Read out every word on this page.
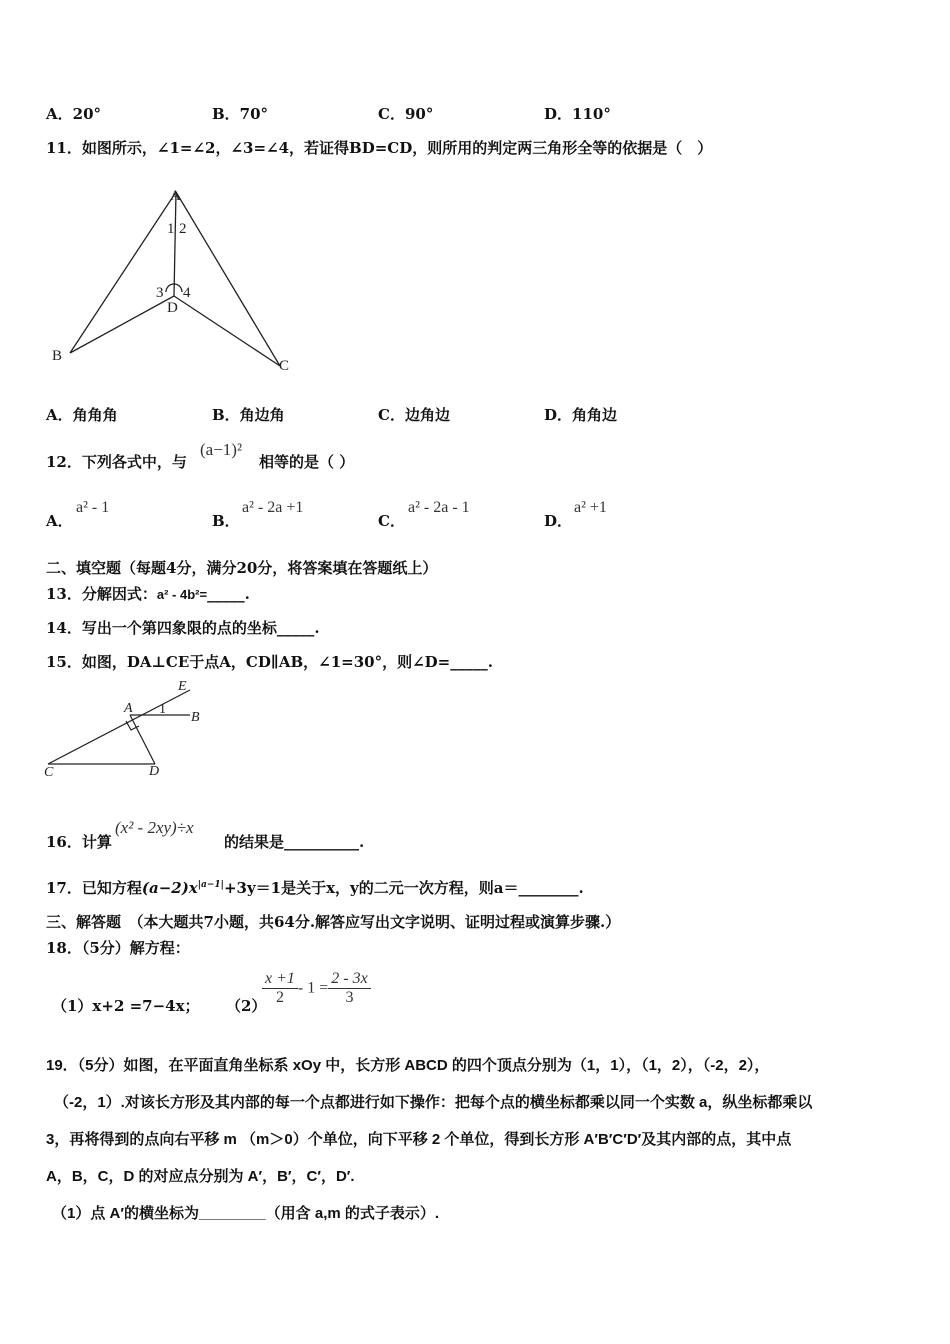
A．20°	B．70°	C．90°	D．110°
11．如图所示，∠1=∠2，∠3=∠4，若证得BD=CD，则所用的判定两三角形全等的依据是（　）
A
1 2
3 4
D
B
C
A．角角角	B．角边角	C．边角边	D．角角边
12．下列各式中，与
(a−1)²
相等的是（ ）
A．
a² - 1
B．
a² - 2a +1
C．
a² - 2a - 1
D．
a² +1
二、填空题（每题4分，满分20分，将答案填在答题纸上）
13．分解因式：a² - 4b²=_____.
14．写出一个第四象限的点的坐标_____.
15．如图，DA⊥CE于点A，CD∥AB，∠1=30°，则∠D=_____.
E
A 1
B
C	D
16．计算
(x² - 2xy)÷x
的结果是__________.
17．已知方程$(a-2)x^{|a-1|}+3y=1$是关于x，y的二元一次方程，则a＝________.
三、解答题　（本大题共7小题，共64分.解答应写出文字说明、证明过程或演算步骤.）
18．（5分）解方程：
（1）x+2 =7−4x； （2）
$\frac{x +1}{2} - 1 = \frac{2 - 3x}{3}$
19．（5分）如图，在平面直角坐标系 xOy 中，长方形 ABCD 的四个顶点分别为（1，1），（1，2），（-2，2），
（-2，1）.对该长方形及其内部的每一个点都进行如下操作：把每个点的横坐标都乘以同一个实数 a，纵坐标都乘以
3，再将得到的点向右平移 m （m＞0）个单位，向下平移 2 个单位，得到长方形 A′B′C′D′及其内部的点，其中点
A，B，C，D 的对应点分别为 A′，B′，C′，D′.
（1）点 A′的横坐标为________（用含 a,m 的式子表示）.
